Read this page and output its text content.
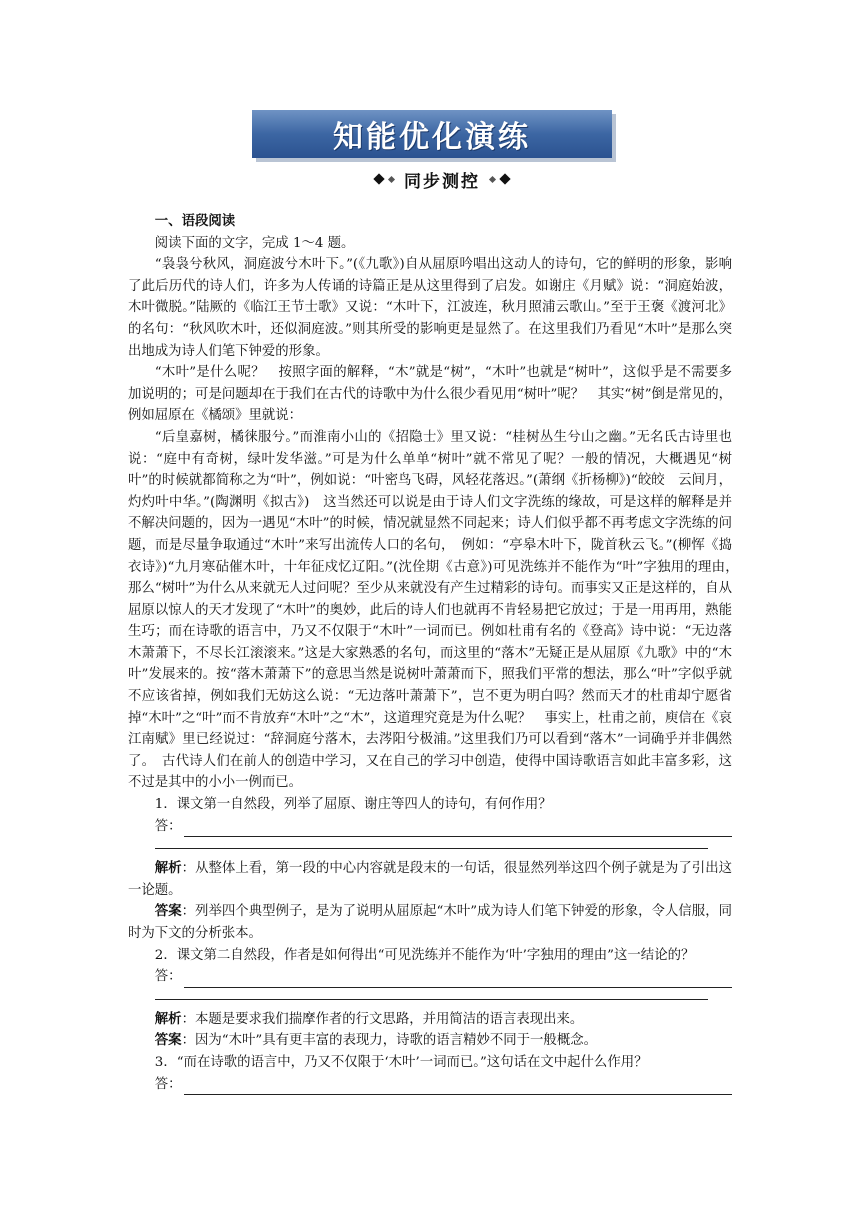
知能优化演练
同步测控

一、语段阅读

阅读下面的文字，完成 1～4 题。

“袅袅兮秋风，洞庭波兮木叶下。”(《九歌》)自从屈原吟唱出这动人的诗句，它的鲜明的形象，影响了此后历代的诗人们，许多为人传诵的诗篇正是从这里得到了启发。如谢庄《月赋》说：“洞庭始波，木叶微脱。”陆厥的《临江王节士歌》又说：“木叶下，江波连，秋月照浦云歌山。”至于王褒《渡河北》的名句：“秋风吹木叶，还似洞庭波。”则其所受的影响更是显然了。在这里我们乃看见“木叶”是那么突出地成为诗人们笔下钟爱的形象。

“木叶”是什么呢？　按照字面的解释，“木”就是“树”，“木叶”也就是“树叶”，这似乎是不需要多加说明的；可是问题却在于我们在古代的诗歌中为什么很少看见用“树叶”呢？　其实“树”倒是常见的，例如屈原在《橘颂》里就说：

“后皇嘉树，橘徕服兮。”而淮南小山的《招隐士》里又说：“桂树丛生兮山之幽。”无名氏古诗里也说：“庭中有奇树，绿叶发华滋。”可是为什么单单“树叶”就不常见了呢？一般的情况，大概遇见“树叶”的时候就都简称之为“叶”，例如说：“叶密鸟飞碍，风轻花落迟。”(萧纲《折杨柳》)“皎皎　云间月，灼灼叶中华。”(陶渊明《拟古》)　这当然还可以说是由于诗人们文字洗练的缘故，可是这样的解释是并不解决问题的，因为一遇见“木叶”的时候，情况就显然不同起来；诗人们似乎都不再考虑文字洗练的问题，而是尽量争取通过“木叶”来写出流传人口的名句，　例如：“亭皋木叶下，陇首秋云飞。”(柳恽《捣衣诗》)“九月寒砧催木叶，十年征戍忆辽阳。”(沈佺期《古意》)可见洗练并不能作为“叶”字独用的理由，　那么“树叶”为什么从来就无人过问呢？至少从来就没有产生过精彩的诗句。而事实又正是这样的，自从屈原以惊人的天才发现了“木叶”的奥妙，此后的诗人们也就再不肯轻易把它放过；于是一用再用，熟能生巧；而在诗歌的语言中，乃又不仅限于“木叶”一词而已。例如杜甫有名的《登高》诗中说：“无边落木萧萧下，不尽长江滚滚来。”这是大家熟悉的名句，而这里的“落木”无疑正是从屈原《九歌》中的“木叶”发展来的。按“落木萧萧下”的意思当然是说树叶萧萧而下，照我们平常的想法，那么“叶”字似乎就不应该省掉，例如我们无妨这么说：“无边落叶萧萧下”，岂不更为明白吗？然而天才的杜甫却宁愿省掉“木叶”之“叶”而不肯放弃“木叶”之“木”，这道理究竟是为什么呢？　事实上，杜甫之前，庾信在《哀江南赋》里已经说过：“辞洞庭兮落木，去涔阳兮极浦。”这里我们乃可以看到“落木”一词确乎并非偶然了。　古代诗人们在前人的创造中学习，又在自己的学习中创造，使得中国诗歌语言如此丰富多彩，这不过是其中的小小一例而已。

1．课文第一自然段，列举了屈原、谢庄等四人的诗句，有何作用？

答：

解析：从整体上看，第一段的中心内容就是段末的一句话，很显然列举这四个例子就是为了引出这一论题。

答案：列举四个典型例子，是为了说明从屈原起“木叶”成为诗人们笔下钟爱的形象，令人信服，同时为下文的分析张本。

2．课文第二自然段，作者是如何得出“可见洗练并不能作为‘叶’字独用的理由”这一结论的？

答：

解析：本题是要求我们揣摩作者的行文思路，并用简洁的语言表现出来。

答案：因为“木叶”具有更丰富的表现力，诗歌的语言精妙不同于一般概念。

3．“而在诗歌的语言中，乃又不仅限于‘木叶’一词而已。”这句话在文中起什么作用？

答：
